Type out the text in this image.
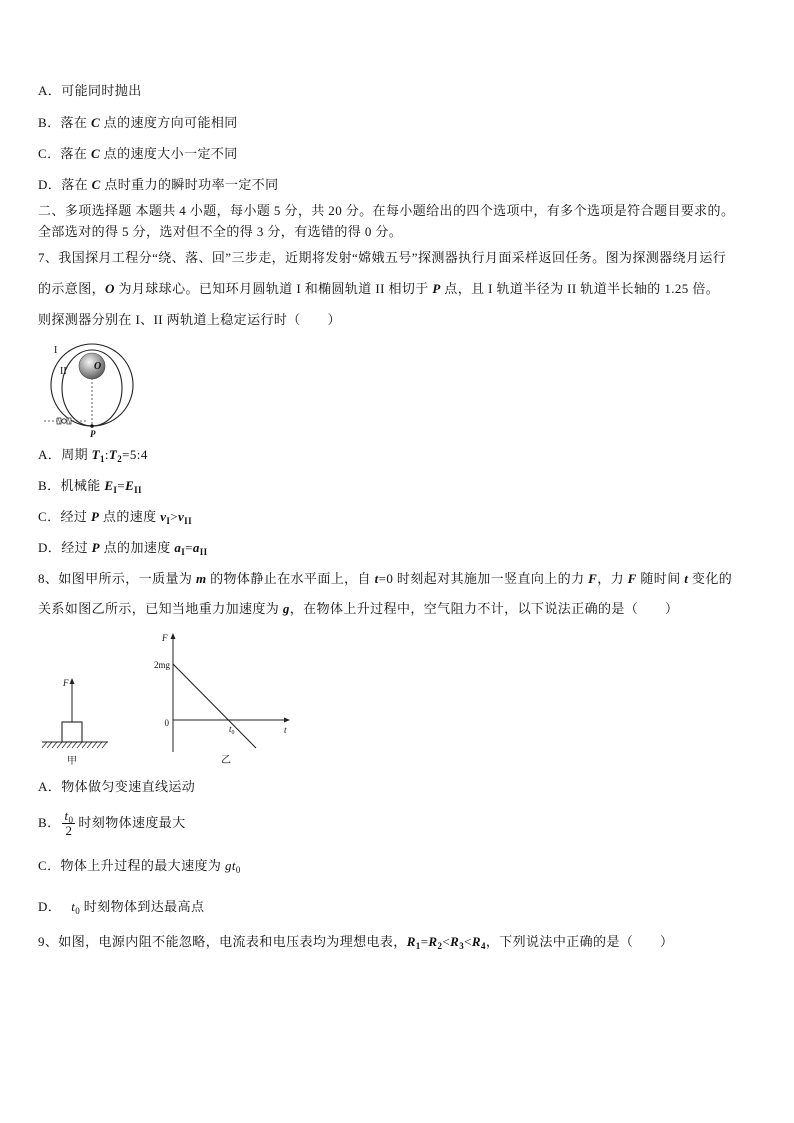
A．可能同时抛出
B．落在 C 点的速度方向可能相同
C．落在 C 点的速度大小一定不同
D．落在 C 点时重力的瞬时功率一定不同
二、多项选择题 本题共 4 小题，每小题 5 分，共 20 分。在每小题给出的四个选项中，有多个选项是符合题目要求的。
全部选对的得 5 分，选对但不全的得 3 分，有选错的得 0 分。
7、我国探月工程分“绕、落、回”三步走，近期将发射“嫦娥五号”探测器执行月面采样返回任务。图为探测器绕月运行
的示意图，O 为月球球心。已知环月圆轨道 I 和椭圆轨道 II 相切于 P 点，且 I 轨道半径为 II 轨道半长轴的 1.25 倍。
则探测器分别在 I、II 两轨道上稳定运行时（　　）
I
II	O
P
A．周期 $T_1:T_2=5:4$
B．机械能 $E_I=E_{II}$
C．经过 P 点的速度 $v_I>v_{II}$
D．经过 P 点的加速度 $a_I=a_{II}$
8、如图甲所示，一质量为 m 的物体静止在水平面上，自 t=0 时刻起对其施加一竖直向上的力 F，力 F 随时间 t 变化的
关系如图乙所示，已知当地重力加速度为 g，在物体上升过程中，空气阻力不计，以下说法正确的是（　　）
F
甲
F
2mg
0
$t_0$	t
乙
A．物体做匀变速直线运动
B． $\frac{t_0}{2}$ 时刻物体速度最大
C．物体上升过程的最大速度为 $gt_0$
D． $t_0$ 时刻物体到达最高点
9、如图，电源内阻不能忽略，电流表和电压表均为理想电表，$R_1=R_2<R_3<R_4$，下列说法中正确的是（　　）
